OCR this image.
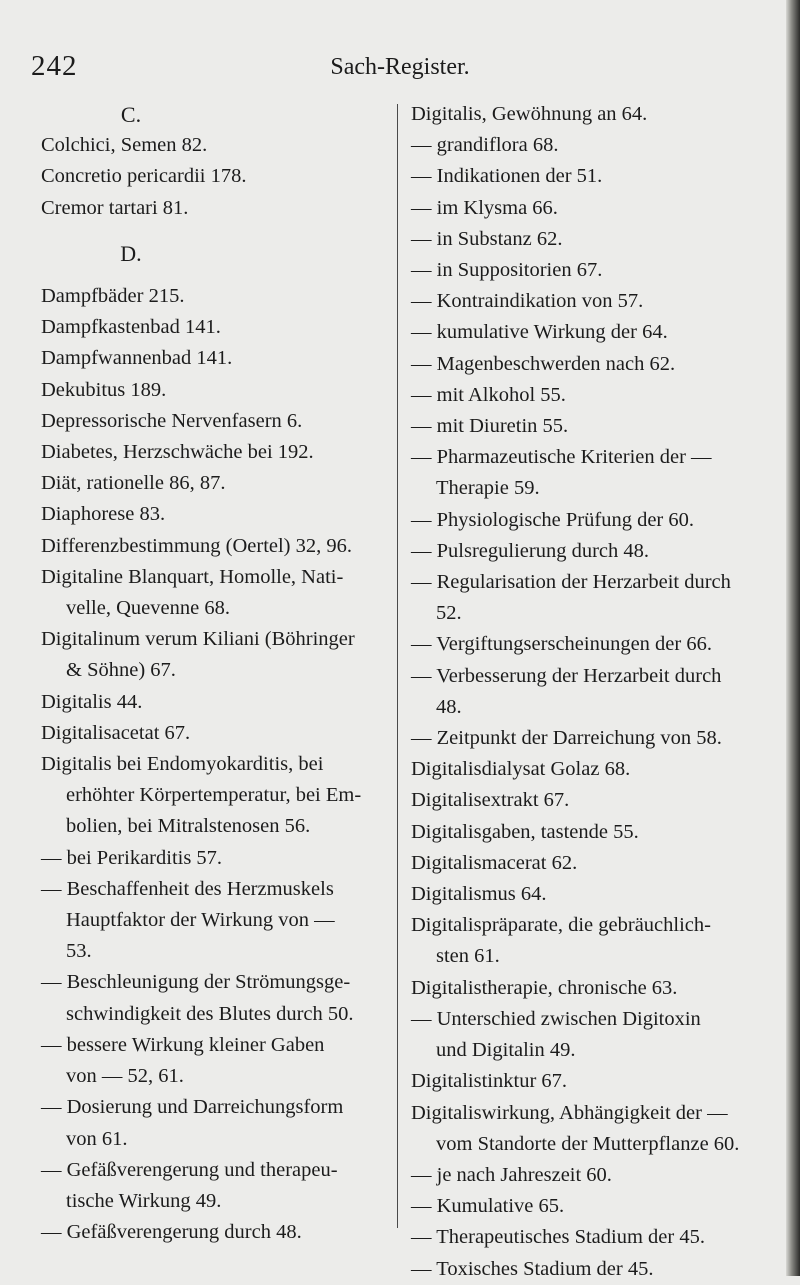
242	Sach-Register.
C.
Colchici, Semen 82.
Concretio pericardii 178.
Cremor tartari 81.
D.
Dampfbäder 215.
Dampfkastenbad 141.
Dampfwannenbad 141.
Dekubitus 189.
Depressorische Nervenfasern 6.
Diabetes, Herzschwäche bei 192.
Diät, rationelle 86, 87.
Diaphorese 83.
Differenzbestimmung (Oertel) 32, 96.
Digitaline Blanquart, Homolle, Nati-
velle, Quevenne 68.
Digitalinum verum Kiliani (Böhringer
& Söhne) 67.
Digitalis 44.
Digitalisacetat 67.
Digitalis bei Endomyokarditis, bei
erhöhter Körpertemperatur, bei Em-
bolien, bei Mitralstenosen 56.
— bei Perikarditis 57.
— Beschaffenheit des Herzmuskels
Hauptfaktor der Wirkung von —
53.
— Beschleunigung der Strömungsge-
schwindigkeit des Blutes durch 50.
— bessere Wirkung kleiner Gaben
von — 52, 61.
— Dosierung und Darreichungsform
von 61.
— Gefäßverengerung und therapeu-
tische Wirkung 49.
— Gefäßverengerung durch 48.
Digitalis, Gewöhnung an 64.
— grandiflora 68.
— Indikationen der 51.
— im Klysma 66.
— in Substanz 62.
— in Suppositorien 67.
— Kontraindikation von 57.
— kumulative Wirkung der 64.
— Magenbeschwerden nach 62.
— mit Alkohol 55.
— mit Diuretin 55.
— Pharmazeutische Kriterien der —
Therapie 59.
— Physiologische Prüfung der 60.
— Pulsregulierung durch 48.
— Regularisation der Herzarbeit durch
52.
— Vergiftungserscheinungen der 66.
— Verbesserung der Herzarbeit durch
48.
— Zeitpunkt der Darreichung von 58.
Digitalisdialysat Golaz 68.
Digitalisextrakt 67.
Digitalisgaben, tastende 55.
Digitalismacerat 62.
Digitalismus 64.
Digitalispräparate, die gebräuchlich-
sten 61.
Digitalistherapie, chronische 63.
— Unterschied zwischen Digitoxin
und Digitalin 49.
Digitalistinktur 67.
Digitaliswirkung, Abhängigkeit der —
vom Standorte der Mutterpflanze 60.
— je nach Jahreszeit 60.
— Kumulative 65.
— Therapeutisches Stadium der 45.
— Toxisches Stadium der 45.
